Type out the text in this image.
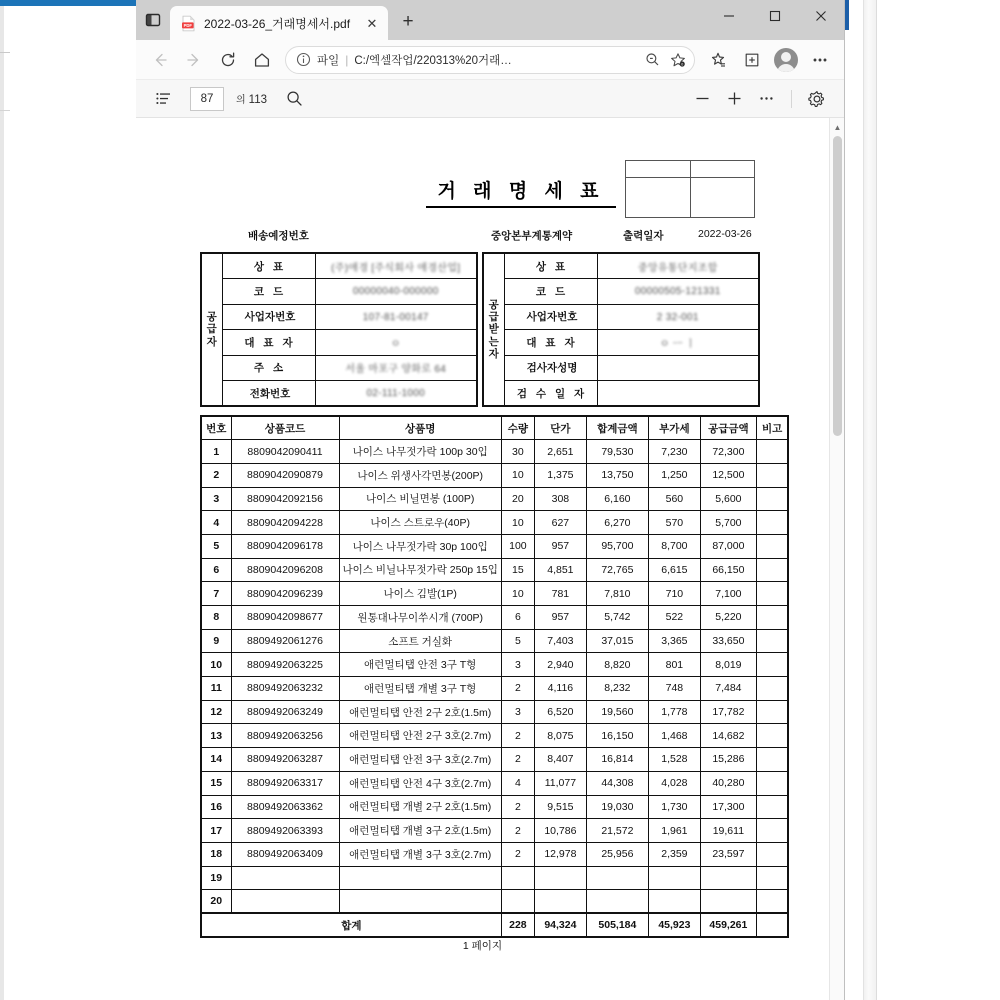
PDF 2022-03-26_거래명세서.pdf	✕	+
파일 | C:/엑셀작업/220313%20거래…	0
87	의 113
거 래 명 세 표
배송예정번호	중앙본부계통계약	출력일자	2022-03-26
공급자	상 표	(주)애경 [주식회사 애경산업]
	코 드	00000040-000000
	사업자번호	107-81-00147
	대 표 자	ㅇ
	주 소	서울 마포구 양화로 64
	전화번호	02-111-1000
공급받는자	상 표	중앙유통단지조합
	코 드	00000505-121331
	사업자번호	2 32-001
	대 표 자	ㅇ ㅡ ㅣ
	검사자성명	
	검 수 일 자	
번호	상품코드	상품명	수량	단가	합계금액	부가세	공급금액	비고
1	8809042090411	나이스 나무젓가락 100p 30입	30	2,651	79,530	7,230	72,300	
2	8809042090879	나이스 위생사각면봉(200P)	10	1,375	13,750	1,250	12,500	
3	8809042092156	나이스 비닐면봉 (100P)	20	308	6,160	560	5,600	
4	8809042094228	나이스 스트로우(40P)	10	627	6,270	570	5,700	
5	8809042096178	나이스 나무젓가락 30p 100입	100	957	95,700	8,700	87,000	
6	8809042096208	나이스 비닐나무젓가락 250p 15입	15	4,851	72,765	6,615	66,150	
7	8809042096239	나이스 김발(1P)	10	781	7,810	710	7,100	
8	8809042098677	원통대나무이쑤시개 (700P)	6	957	5,742	522	5,220	
9	8809492061276	소프트 거실화	5	7,403	37,015	3,365	33,650	
10	8809492063225	애런멀티탭 안전 3구 T형	3	2,940	8,820	801	8,019	
11	8809492063232	애런멀티탭 개별 3구 T형	2	4,116	8,232	748	7,484	
12	8809492063249	애런멀티탭 안전 2구 2호(1.5m)	3	6,520	19,560	1,778	17,782	
13	8809492063256	애런멀티탭 안전 2구 3호(2.7m)	2	8,075	16,150	1,468	14,682	
14	8809492063287	애런멀티탭 안전 3구 3호(2.7m)	2	8,407	16,814	1,528	15,286	
15	8809492063317	애런멀티탭 안전 4구 3호(2.7m)	4	11,077	44,308	4,028	40,280	
16	8809492063362	애런멀티탭 개별 2구 2호(1.5m)	2	9,515	19,030	1,730	17,300	
17	8809492063393	애런멀티탭 개별 3구 2호(1.5m)	2	10,786	21,572	1,961	19,611	
18	8809492063409	애런멀티탭 개별 3구 3호(2.7m)	2	12,978	25,956	2,359	23,597	
19								
20								
합계			228	94,324	505,184	45,923	459,261	
1 페이지
▲
